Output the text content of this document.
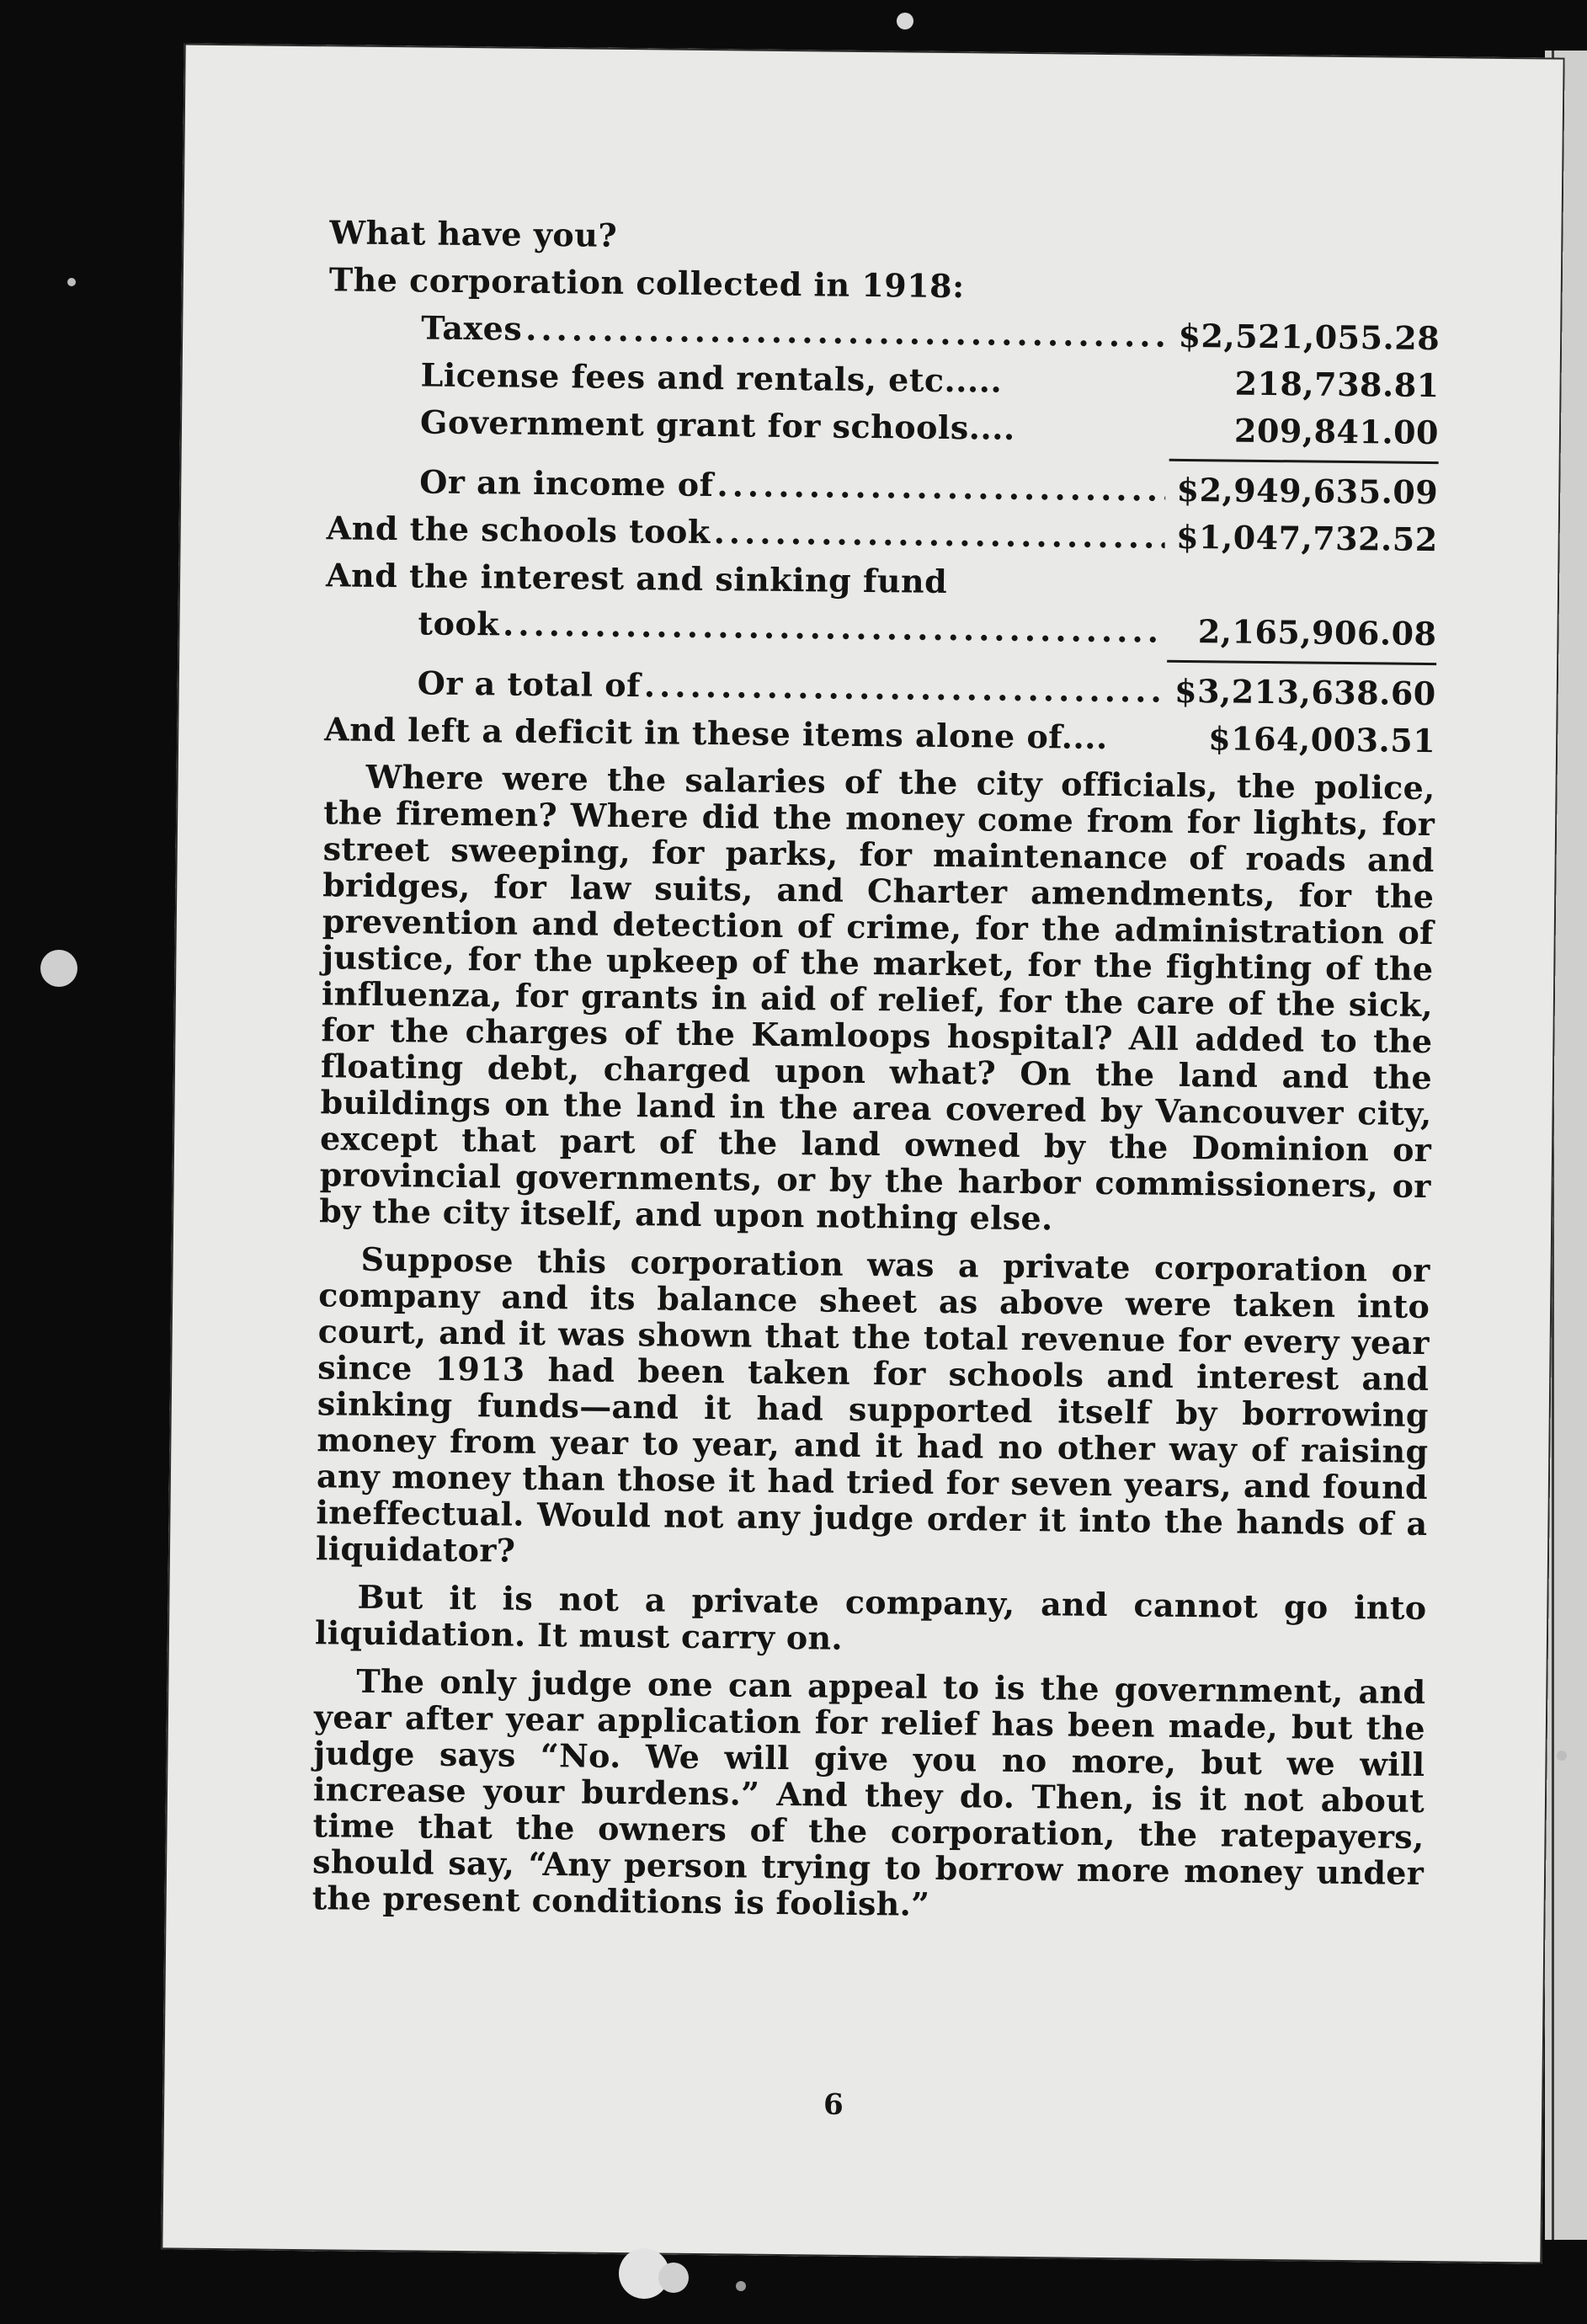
What have you?

The corporation collected in 1918:

Taxes .....	$2,521,055.28
License fees and rentals, etc.....	218,738.81
Government grant for schools....	209,841.00
Or an income of .....	$2,949,635.09
And the schools took .....	$1,047,732.52
And the interest and sinking fund
took .....	2,165,906.08
Or a total of .....	$3,213,638.60
And left a deficit in these items alone of....	$164,003.51

Where were the salaries of the city officials, the police, the firemen? Where did the money come from for lights, for street sweeping, for parks, for maintenance of roads and bridges, for law suits, and Charter amendments, for the prevention and detection of crime, for the administration of justice, for the upkeep of the market, for the fighting of the influenza, for grants in aid of relief, for the care of the sick, for the charges of the Kamloops hospital? All added to the floating debt, charged upon what? On the land and the buildings on the land in the area covered by Vancouver city, except that part of the land owned by the Dominion or provincial governments, or by the harbor commissioners, or by the city itself, and upon nothing else.

Suppose this corporation was a private corporation or company and its balance sheet as above were taken into court, and it was shown that the total revenue for every year since 1913 had been taken for schools and interest and sinking funds—and it had supported itself by borrowing money from year to year, and it had no other way of raising any money than those it had tried for seven years, and found ineffectual. Would not any judge order it into the hands of a liquidator?

But it is not a private company, and cannot go into liquidation. It must carry on.

The only judge one can appeal to is the government, and year after year application for relief has been made, but the judge says “No. We will give you no more, but we will increase your burdens.” And they do. Then, is it not about time that the owners of the corporation, the ratepayers, should say, “Any person trying to borrow more money under the present conditions is foolish.”

6
